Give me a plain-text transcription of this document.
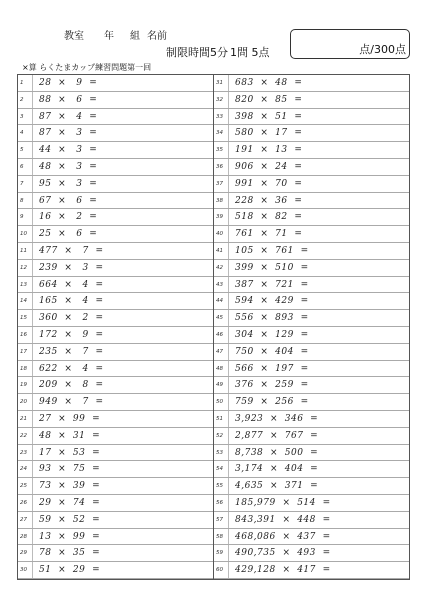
教室 年 組 名前
制限時間5分 1問 5点	点/300点
×算 らくたまカップ練習問題第一回
1	28  ×   9  =
2	88  ×   6  =
3	87  ×   4  =
4	87  ×   3  =
5	44  ×   3  =
6	48  ×   3  =
7	95  ×   3  =
8	67  ×   6  =
9	16  ×   2  =
10	25  ×   6  =
11	477  ×   7  =
12	239  ×   3  =
13	664  ×   4  =
14	165  ×   4  =
15	360  ×   2  =
16	172  ×   9  =
17	235  ×   7  =
18	622  ×   4  =
19	209  ×   8  =
20	949  ×   7  =
21	27  ×  99  =
22	48  ×  31  =
23	17  ×  53  =
24	93  ×  75  =
25	73  ×  39  =
26	29  ×  74  =
27	59  ×  52  =
28	13  ×  99  =
29	78  ×  35  =
30	51  ×  29  =
31	683  ×  48  =
32	820  ×  85  =
33	398  ×  51  =
34	580  ×  17  =
35	191  ×  13  =
36	906  ×  24  =
37	991  ×  70  =
38	228  ×  36  =
39	518  ×  82  =
40	761  ×  71  =
41	105  ×  761  =
42	399  ×  510  =
43	387  ×  721  =
44	594  ×  429  =
45	556  ×  893  =
46	304  ×  129  =
47	750  ×  404  =
48	566  ×  197  =
49	376  ×  259  =
50	759  ×  256  =
51	3,923  ×  346  =
52	2,877  ×  767  =
53	8,738  ×  500  =
54	3,174  ×  404  =
55	4,635  ×  371  =
56	185,979  ×  514  =
57	843,391  ×  448  =
58	468,086  ×  437  =
59	490,735  ×  493  =
60	429,128  ×  417  =
